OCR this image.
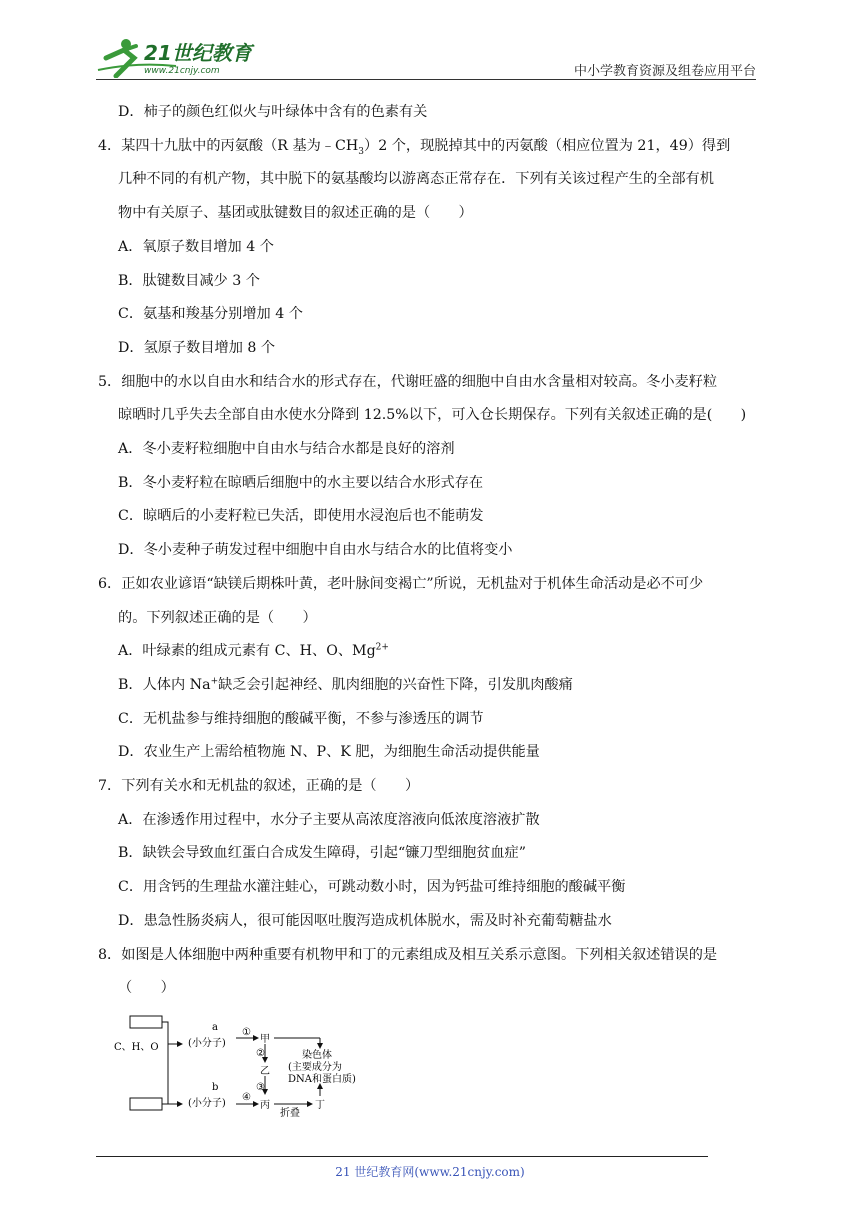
21世纪教育
www.21cnjy.com	中小学教育资源及组卷应用平台
D．柿子的颜色红似火与叶绿体中含有的色素有关
4．某四十九肽中的丙氨酸（R 基为$﹣CH_3)2$ 个，现脱掉其中的丙氨酸（相应位置为 21，49）得到
几种不同的有机产物，其中脱下的氨基酸均以游离态正常存在．下列有关该过程产生的全部有机
物中有关原子、基团或肽键数目的叙述正确的是（　　）
A．氧原子数目增加 4 个
B．肽键数目减少 3 个
C．氨基和羧基分别增加 4 个
D．氢原子数目增加 8 个
5．细胞中的水以自由水和结合水的形式存在，代谢旺盛的细胞中自由水含量相对较高。冬小麦籽粒
晾晒时几乎失去全部自由水使水分降到 12.5%以下，可入仓长期保存。下列有关叙述正确的是(　　)
A．冬小麦籽粒细胞中自由水与结合水都是良好的溶剂
B．冬小麦籽粒在晾晒后细胞中的水主要以结合水形式存在
C．晾晒后的小麦籽粒已失活，即使用水浸泡后也不能萌发
D．冬小麦种子萌发过程中细胞中自由水与结合水的比值将变小
6．正如农业谚语“缺镁后期株叶黄，老叶脉间变褐亡”所说，无机盐对于机体生命活动是必不可少
的。下列叙述正确的是（　　）
A．叶绿素的组成元素有 C、H、O、$Mg^{2+}$
B．人体内 Na+缺乏会引起神经、肌肉细胞的兴奋性下降，引发肌肉酸痛
C．无机盐参与维持细胞的酸碱平衡，不参与渗透压的调节
D．农业生产上需给植物施 N、P、K 肥，为细胞生命活动提供能量
7．下列有关水和无机盐的叙述，正确的是（　　）
A．在渗透作用过程中，水分子主要从高浓度溶液向低浓度溶液扩散
B．缺铁会导致血红蛋白合成发生障碍，引起“镰刀型细胞贫血症”
C．用含钙的生理盐水灌注蛙心，可跳动数小时，因为钙盐可维持细胞的酸碱平衡
D．患急性肠炎病人，很可能因呕吐腹泻造成机体脱水，需及时补充葡萄糖盐水
8．如图是人体细胞中两种重要有机物甲和丁的元素组成及相互关系示意图。下列相关叙述错误的是
（　　）
C、H、O
a
(小分子)
b
(小分子)
①
甲
②
乙
③
④
丙
折叠
丁
染色体
(主要成分为
DNA和蛋白质)
21 世纪教育网(www.21cnjy.com)
